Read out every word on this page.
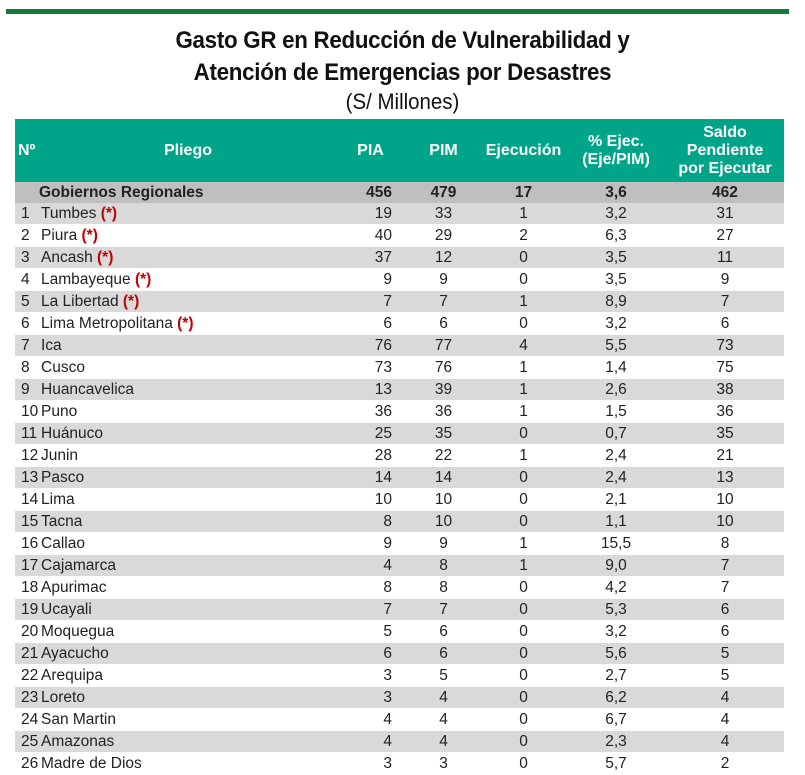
Gasto GR en Reducción de Vulnerabilidad y
Atención de Emergencias por Desastres
(S/ Millones)
Nº	Pliego	PIA	PIM	Ejecución	% Ejec.
(Eje/PIM)	Saldo
Pendiente
por Ejecutar
Gobiernos Regionales		456	479	17	3,6	462
1	Tumbes (*)	19	33	1	3,2	31
2	Piura (*)	40	29	2	6,3	27
3	Ancash (*)	37	12	0	3,5	11
4	Lambayeque (*)	9	9	0	3,5	9
5	La Libertad (*)	7	7	1	8,9	7
6	Lima Metropolitana (*)	6	6	0	3,2	6
7	Ica	76	77	4	5,5	73
8	Cusco	73	76	1	1,4	75
9	Huancavelica	13	39	1	2,6	38
10	Puno	36	36	1	1,5	36
11	Huánuco	25	35	0	0,7	35
12	Junin	28	22	1	2,4	21
13	Pasco	14	14	0	2,4	13
14	Lima	10	10	0	2,1	10
15	Tacna	8	10	0	1,1	10
16	Callao	9	9	1	15,5	8
17	Cajamarca	4	8	1	9,0	7
18	Apurimac	8	8	0	4,2	7
19	Ucayali	7	7	0	5,3	6
20	Moquegua	5	6	0	3,2	6
21	Ayacucho	6	6	0	5,6	5
22	Arequipa	3	5	0	2,7	5
23	Loreto	3	4	0	6,2	4
24	San Martin	4	4	0	6,7	4
25	Amazonas	4	4	0	2,3	4
26	Madre de Dios	3	3	0	5,7	2
